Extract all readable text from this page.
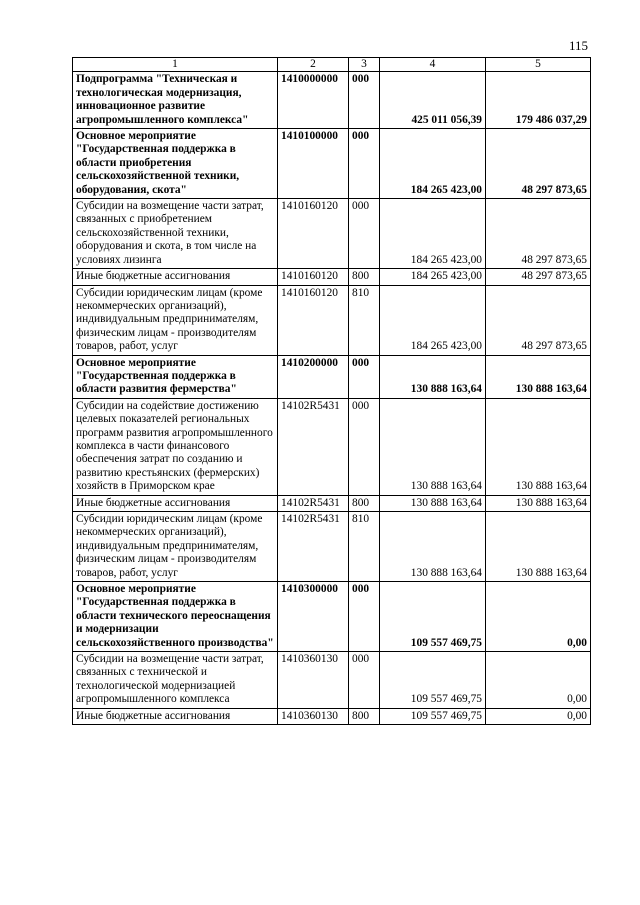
115
1	2	3	4	5
Подпрограмма "Техническая и технологическая модернизация, инновационное развитие агропромышленного комплекса"	1410000000	000	425 011 056,39	179 486 037,29
Основное мероприятие "Государственная поддержка в области приобретения сельскохозяйственной техники, оборудования, скота"	1410100000	000	184 265 423,00	48 297 873,65
Субсидии на возмещение части затрат, связанных с приобретением сельскохозяйственной техники, оборудования и скота, в том числе на условиях лизинга	1410160120	000	184 265 423,00	48 297 873,65
Иные бюджетные ассигнования	1410160120	800	184 265 423,00	48 297 873,65
Субсидии юридическим лицам (кроме некоммерческих организаций), индивидуальным предпринимателям, физическим лицам - производителям товаров, работ, услуг	1410160120	810	184 265 423,00	48 297 873,65
Основное мероприятие "Государственная поддержка в области развития фермерства"	1410200000	000	130 888 163,64	130 888 163,64
Субсидии на содействие достижению целевых показателей региональных программ развития агропромышленного комплекса в части финансового обеспечения затрат по созданию и развитию крестьянских (фермерских) хозяйств в Приморском крае	14102R5431	000	130 888 163,64	130 888 163,64
Иные бюджетные ассигнования	14102R5431	800	130 888 163,64	130 888 163,64
Субсидии юридическим лицам (кроме некоммерческих организаций), индивидуальным предпринимателям, физическим лицам - производителям товаров, работ, услуг	14102R5431	810	130 888 163,64	130 888 163,64
Основное мероприятие "Государственная поддержка в области технического переоснащения и модернизации сельскохозяйственного производства"	1410300000	000	109 557 469,75	0,00
Субсидии на возмещение части затрат, связанных с технической и технологической модернизацией агропромышленного комплекса	1410360130	000	109 557 469,75	0,00
Иные бюджетные ассигнования	1410360130	800	109 557 469,75	0,00
